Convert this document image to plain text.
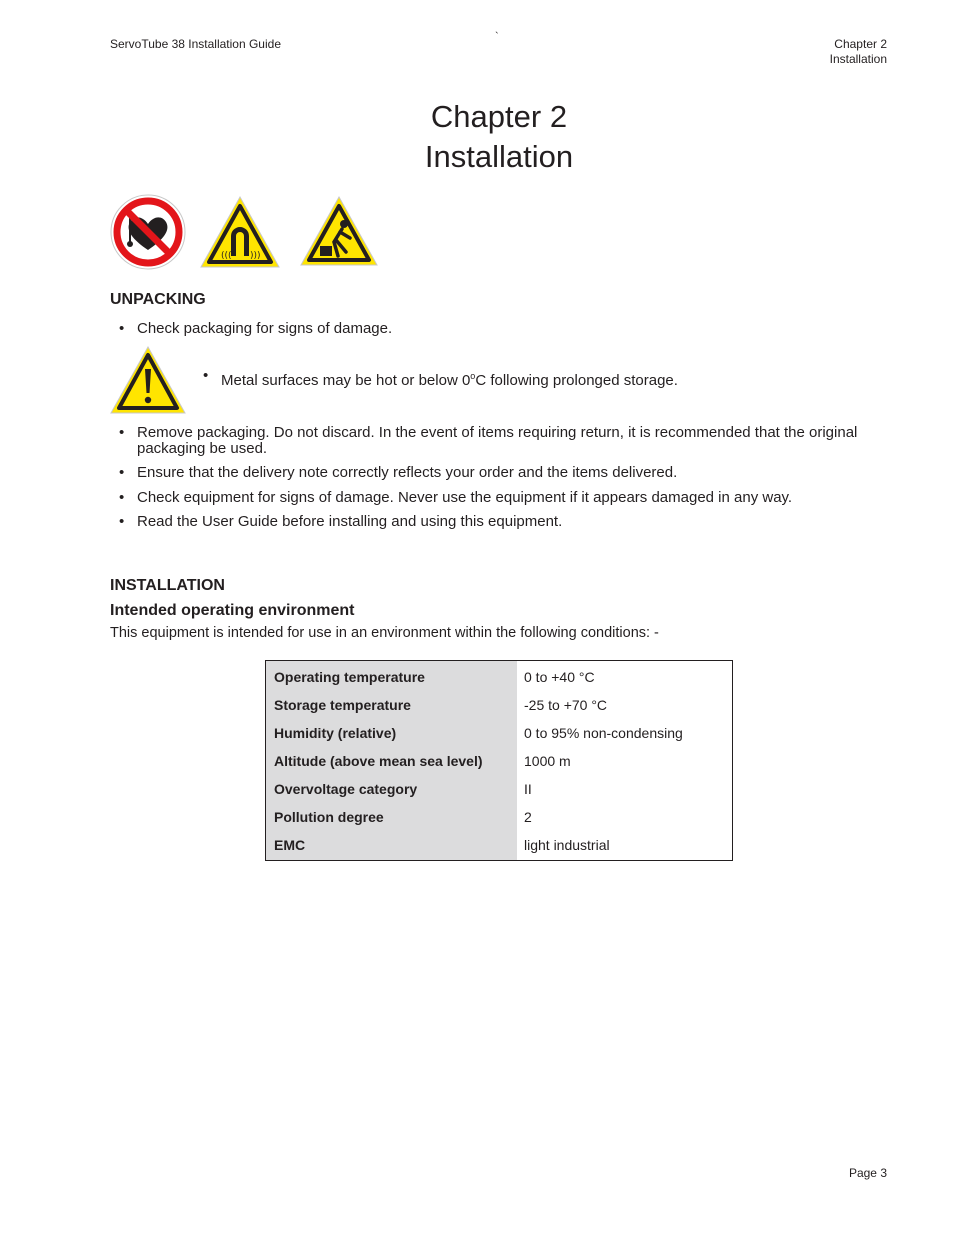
ServoTube 38 Installation Guide	`	Chapter 2
Installation
Chapter 2
Installation
((( )))
UNPACKING
• Check packaging for signs of damage.
• Metal surfaces may be hot or below 0$^o$C following prolonged storage.
• Remove packaging. Do not discard. In the event of items requiring return, it is recommended that the original
packaging be used.
• Ensure that the delivery note correctly reflects your order and the items delivered.
• Check equipment for signs of damage. Never use the equipment if it appears damaged in any way.
• Read the User Guide before installing and using this equipment.
INSTALLATION
Intended operating environment
This equipment is intended for use in an environment within the following conditions: -
Operating temperature
Storage temperature
Humidity (relative)
Altitude (above mean sea level)
Overvoltage category
Pollution degree
EMC
0 to +40 °C
-25 to +70 °C
0 to 95% non-condensing
1000 m
II
2
light industrial
Page 3
